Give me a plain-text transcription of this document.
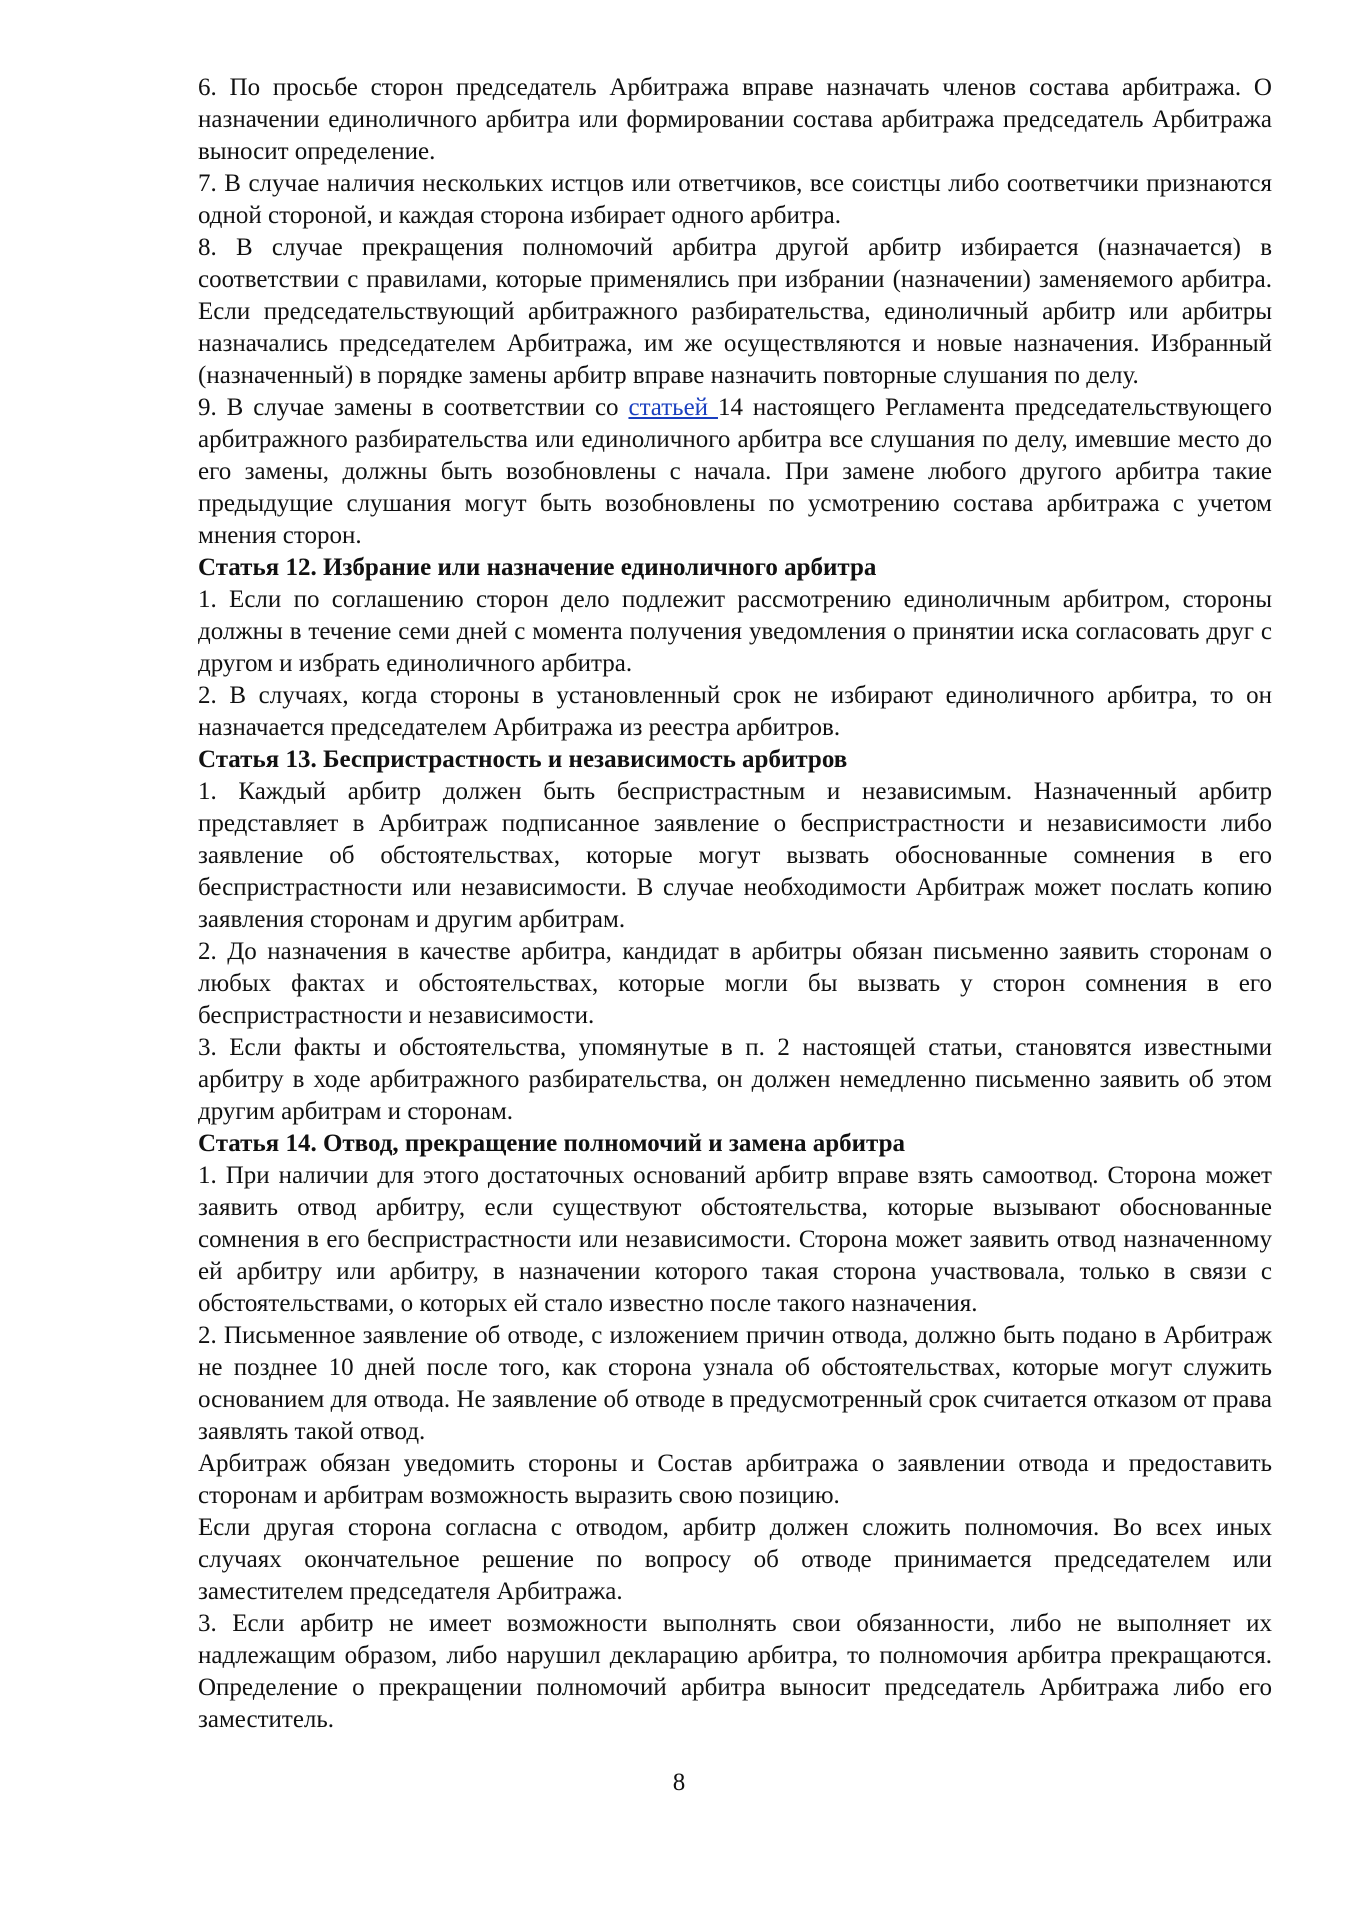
6. По просьбе сторон председатель Арбитража вправе назначать членов состава арбитража. О назначении единоличного арбитра или формировании состава арбитража председатель Арбитража выносит определение.

7. В случае наличия нескольких истцов или ответчиков, все соистцы либо соответчики признаются одной стороной, и каждая сторона избирает одного арбитра.

8. В случае прекращения полномочий арбитра другой арбитр избирается (назначается) в соответствии с правилами, которые применялись при избрании (назначении) заменяемого арбитра. Если председательствующий арбитражного разбирательства, единоличный арбитр или арбитры назначались председателем Арбитража, им же осуществляются и новые назначения. Избранный (назначенный) в порядке замены арбитр вправе назначить повторные слушания по делу.

9. В случае замены в соответствии со статьей 14 настоящего Регламента председательствующего арбитражного разбирательства или единоличного арбитра все слушания по делу, имевшие место до его замены, должны быть возобновлены с начала. При замене любого другого арбитра такие предыдущие слушания могут быть возобновлены по усмотрению состава арбитража с учетом мнения сторон.

Статья 12. Избрание или назначение единоличного арбитра

1. Если по соглашению сторон дело подлежит рассмотрению единоличным арбитром, стороны должны в течение семи дней с момента получения уведомления о принятии иска согласовать друг с другом и избрать единоличного арбитра.

2. В случаях, когда стороны в установленный срок не избирают единоличного арбитра, то он назначается председателем Арбитража из реестра арбитров.

Статья 13. Беспристрастность и независимость арбитров

1. Каждый арбитр должен быть беспристрастным и независимым. Назначенный арбитр представляет в Арбитраж подписанное заявление о беспристрастности и независимости либо заявление об обстоятельствах, которые могут вызвать обоснованные сомнения в его беспристрастности или независимости. В случае необходимости Арбитраж может послать копию заявления сторонам и другим арбитрам.

2. До назначения в качестве арбитра, кандидат в арбитры обязан письменно заявить сторонам о любых фактах и обстоятельствах, которые могли бы вызвать у сторон сомнения в его беспристрастности и независимости.

3. Если факты и обстоятельства, упомянутые в п. 2 настоящей статьи, становятся известными арбитру в ходе арбитражного разбирательства, он должен немедленно письменно заявить об этом другим арбитрам и сторонам.

Статья 14. Отвод, прекращение полномочий и замена арбитра

1. При наличии для этого достаточных оснований арбитр вправе взять самоотвод. Сторона может заявить отвод арбитру, если существуют обстоятельства, которые вызывают обоснованные сомнения в его беспристрастности или независимости. Сторона может заявить отвод назначенному ей арбитру или арбитру, в назначении которого такая сторона участвовала, только в связи с обстоятельствами, о которых ей стало известно после такого назначения.

2. Письменное заявление об отводе, с изложением причин отвода, должно быть подано в Арбитраж не позднее 10 дней после того, как сторона узнала об обстоятельствах, которые могут служить основанием для отвода. Не заявление об отводе в предусмотренный срок считается отказом от права заявлять такой отвод.

Арбитраж обязан уведомить стороны и Состав арбитража о заявлении отвода и предоставить сторонам и арбитрам возможность выразить свою позицию.

Если другая сторона согласна с отводом, арбитр должен сложить полномочия. Во всех иных случаях окончательное решение по вопросу об отводе принимается председателем или заместителем председателя Арбитража.

3. Если арбитр не имеет возможности выполнять свои обязанности, либо не выполняет их надлежащим образом, либо нарушил декларацию арбитра, то полномочия арбитра прекращаются. Определение о прекращении полномочий арбитра выносит председатель Арбитража либо его заместитель.

8
